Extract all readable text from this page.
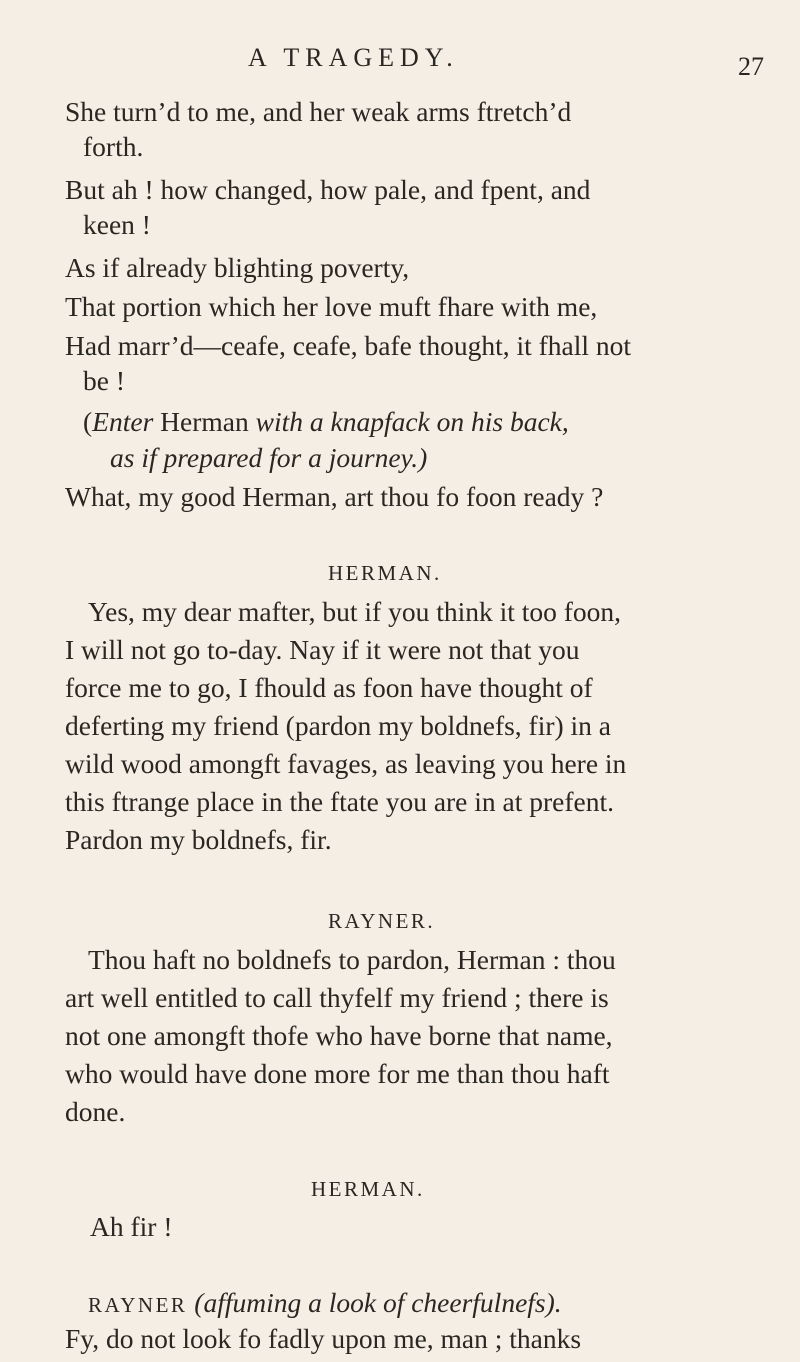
A TRAGEDY.	27
She turn’d to me, and her weak arms ftretch’d
forth.
But ah ! how changed, how pale, and fpent, and
keen !
As if already blighting poverty,
That portion which her love muft fhare with me,
Had marr’d—ceafe, ceafe, bafe thought, it fhall not
be !
(Enter Herman with a knapfack on his back,
as if prepared for a journey.)
What, my good Herman, art thou fo foon ready ?
HERMAN.
Yes, my dear mafter, but if you think it too foon,
I will not go to-day. Nay if it were not that you
force me to go, I fhould as foon have thought of
deferting my friend (pardon my boldnefs, fir) in a
wild wood amongft favages, as leaving you here in
this ftrange place in the ftate you are in at prefent.
Pardon my boldnefs, fir.
RAYNER.
Thou haft no boldnefs to pardon, Herman : thou
art well entitled to call thyfelf my friend ; there is
not one amongft thofe who have borne that name,
who would have done more for me than thou haft
done.
HERMAN.
Ah fir !
RAYNER (affuming a look of cheerfulnefs).
Fy, do not look fo fadly upon me, man ; thanks
